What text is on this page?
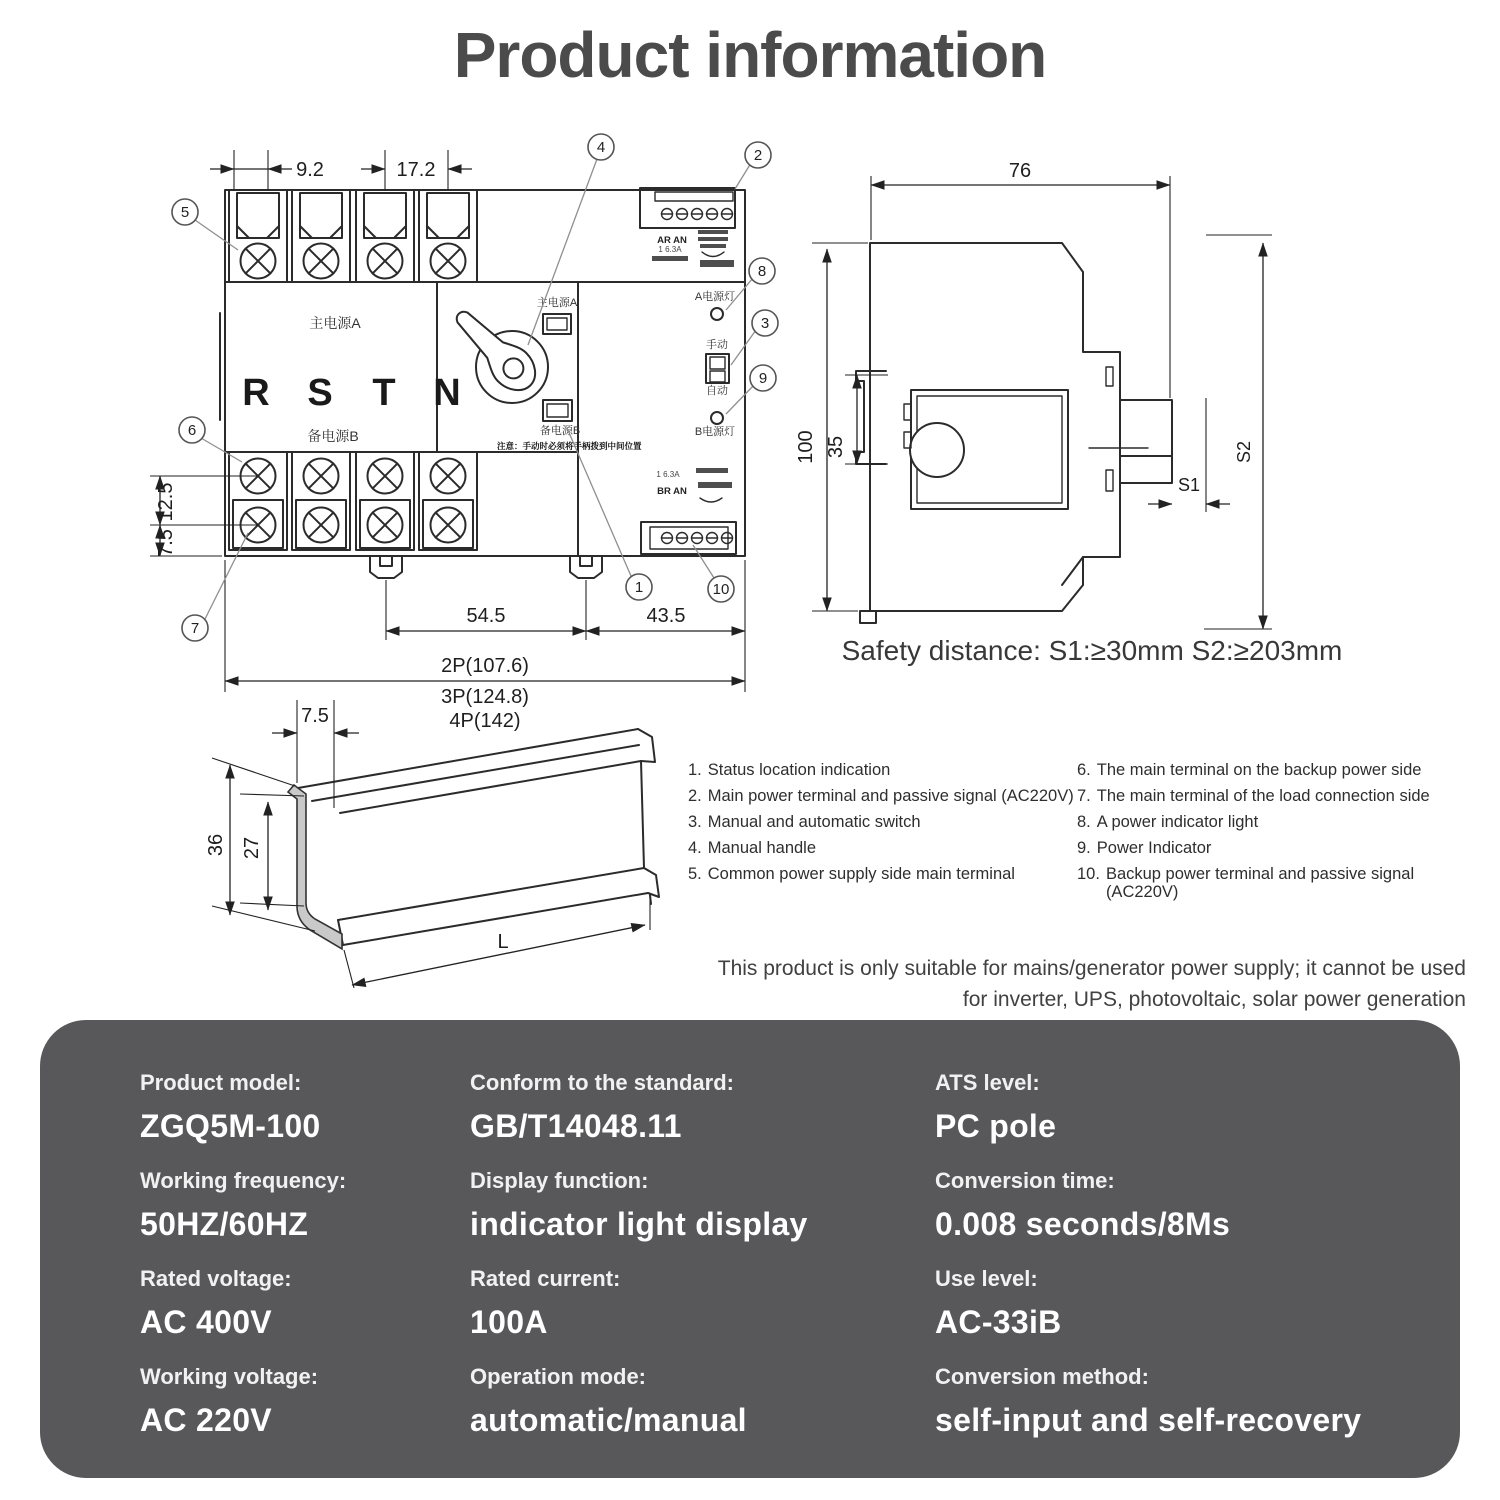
Product information
AR AN
1 6.3A
1 6.3A
BR AN
主电源A
备电源B
R S T N
主电源A
备电源B
A电源灯
B电源灯
手动
自动
注意：手动时必须将手柄拨到中间位置
9.2	17.2
12.5
7.5
54.5	43.5
2P(107.6)
3P(124.8)
4P(142)
1
2
3
4
5
6
7
8
9
10
76
100 35
S1
S2
Safety distance: S1:≥30mm S2:≥203mm
7.5
36 27
L
1. Status location indication
2. Main power terminal and passive signal (AC220V)
3. Manual and automatic switch
4. Manual handle
5. Common power supply side main terminal
6. The main terminal on the backup power side
7. The main terminal of the load connection side
8. A power indicator light
9. Power Indicator
10. Backup power terminal and passive signal (AC220V)
This product is only suitable for mains/generator power supply; it cannot be used
for inverter, UPS, photovoltaic, solar power generation
Product model:
ZGQ5M-100
Conform to the standard:
GB/T14048.11
ATS level:
PC pole
Working frequency:
50HZ/60HZ
Display function:
indicator light display
Conversion time:
0.008 seconds/8Ms
Rated voltage:
AC 400V
Rated current:
100A
Use level:
AC-33iB
Working voltage:
AC 220V
Operation mode:
automatic/manual
Conversion method:
self-input and self-recovery
